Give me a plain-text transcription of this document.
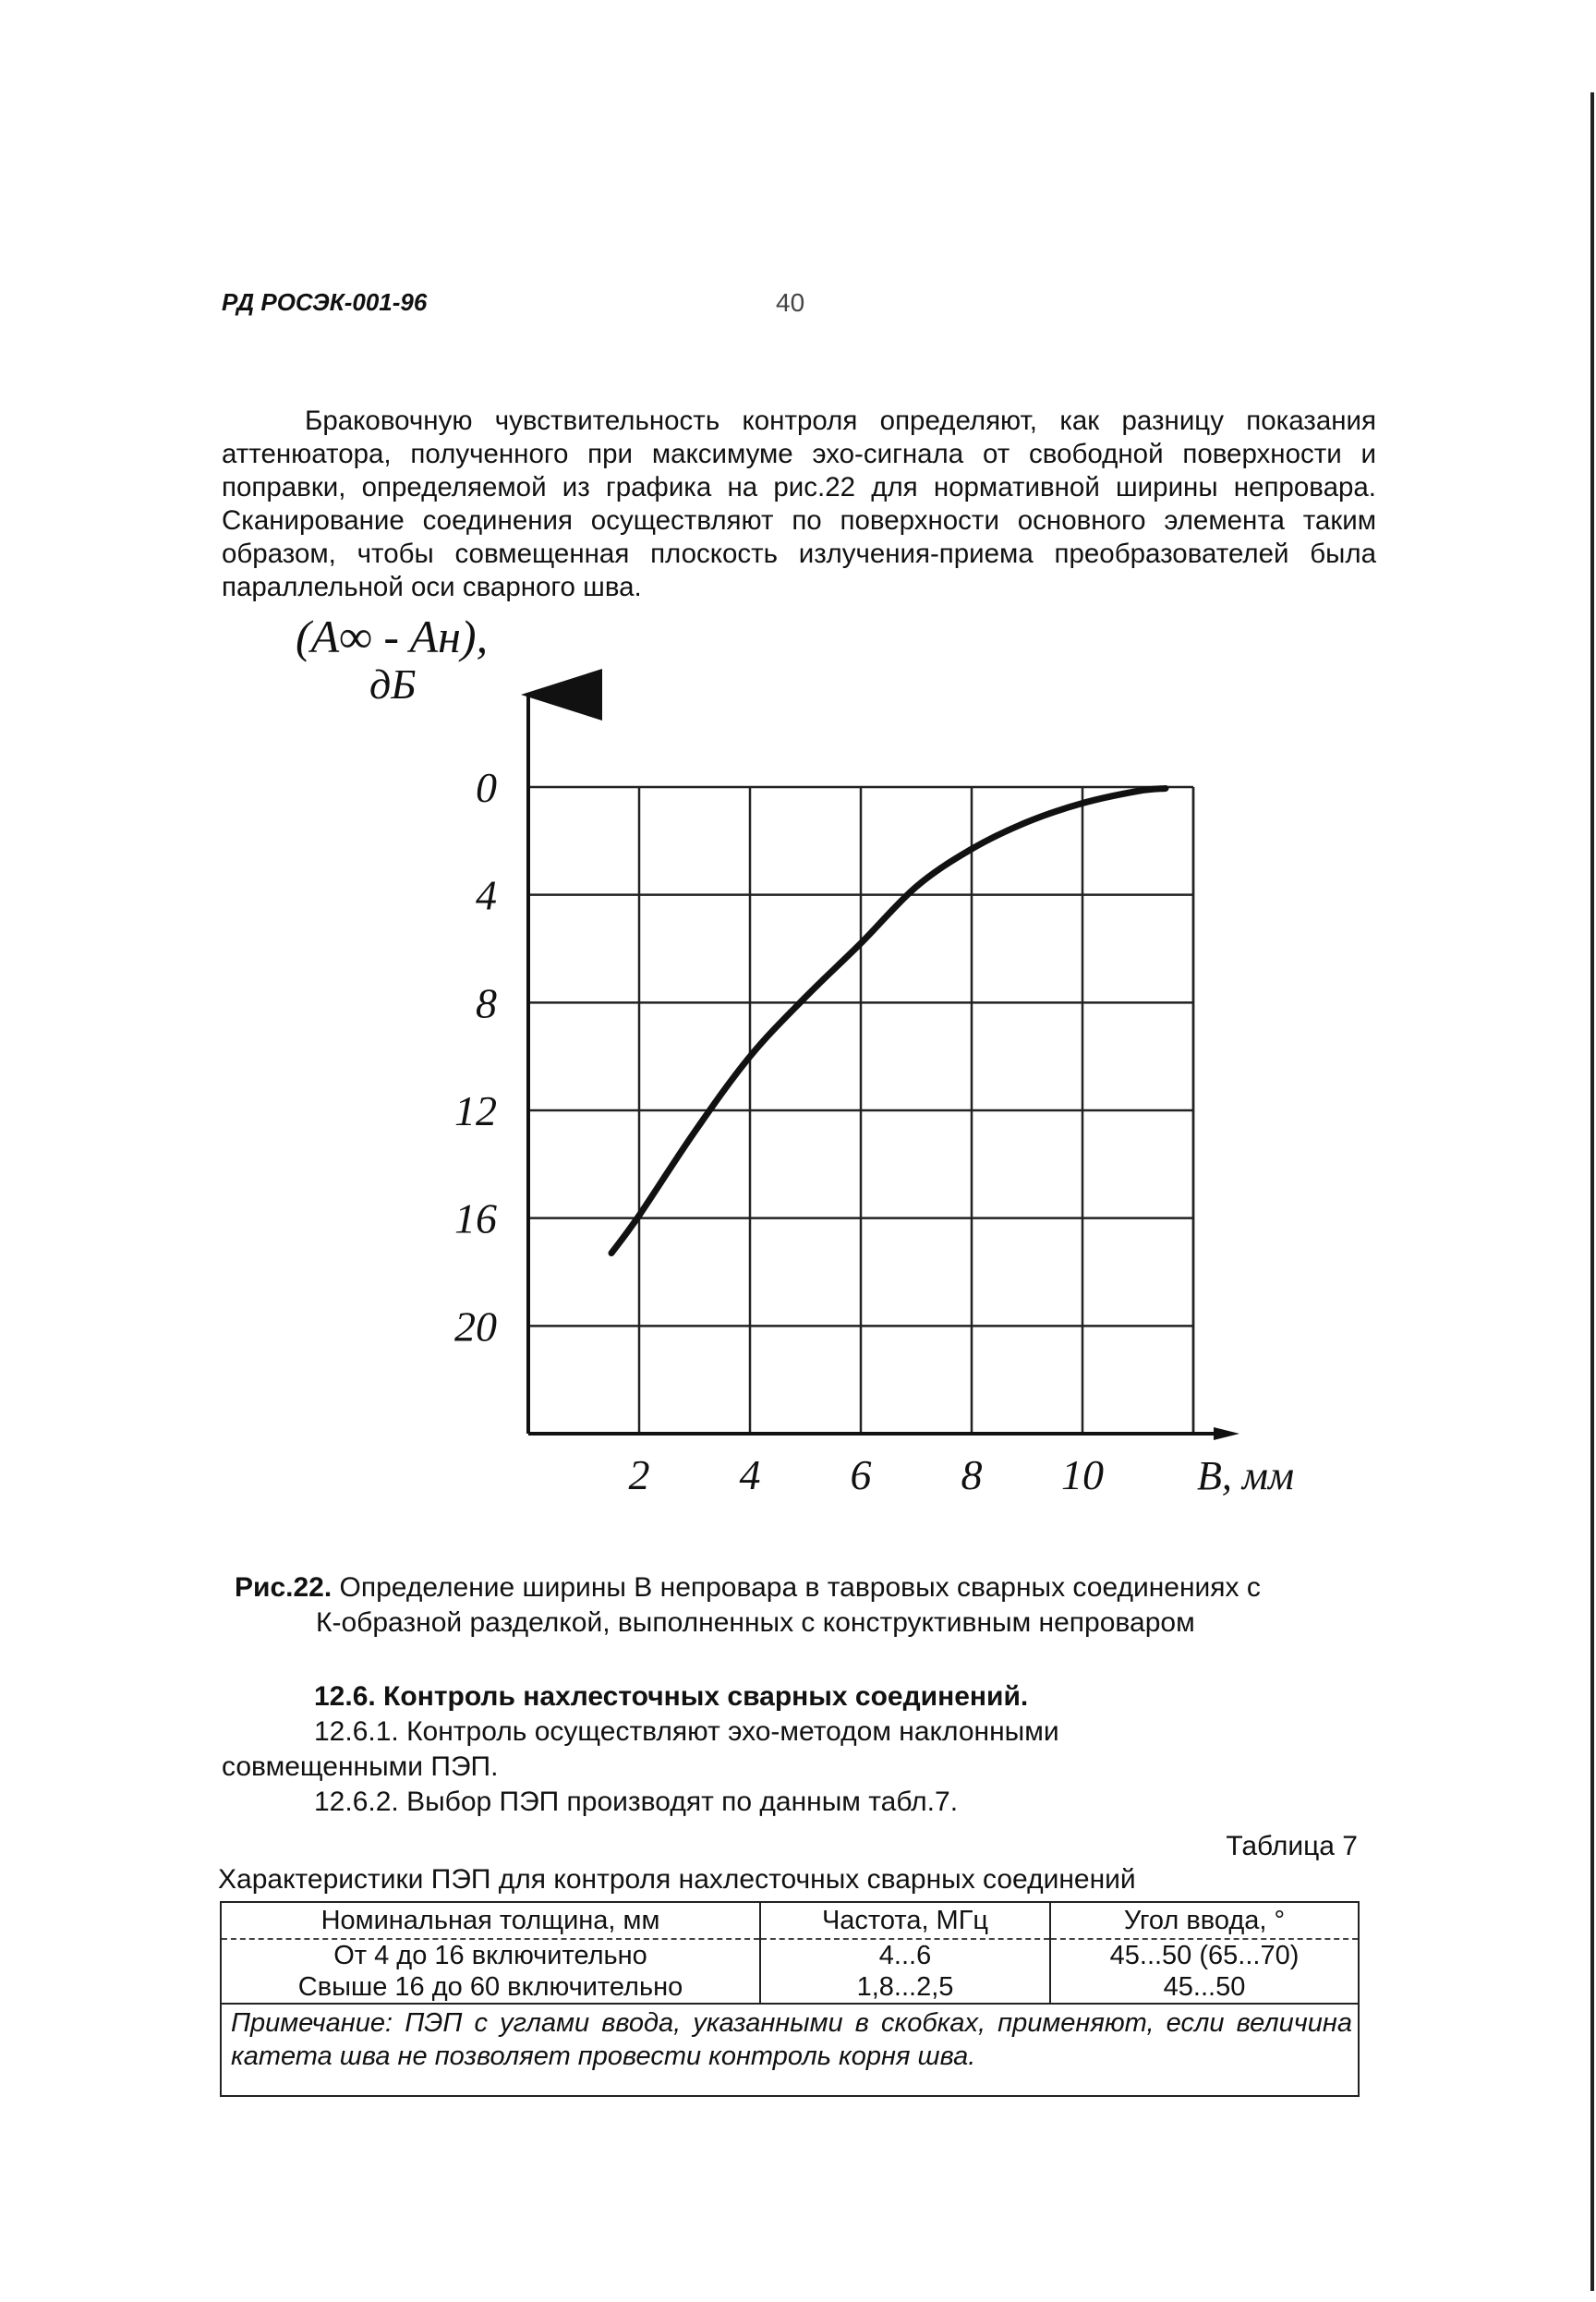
РД РОСЭК-001-96	40

Браковочную чувствительность контроля определяют, как разницу показания аттенюатора, полученного при максимуме эхо-сигнала от свободной поверхности и поправки, определяемой из графика на рис.22 для нормативной ширины непровара. Сканирование соединения осуществляют по поверхности основного элемента таким образом, чтобы совмещенная плоскость излучения-приема преобразователей была параллельной оси сварного шва.

(A∞ - Aн),
дБ
B, мм
0
4
8
12
16
20
2 4 6 8 10
Рис.22. Определение ширины В непровара в тавровых сварных соединениях с
К-образной разделкой, выполненных с конструктивным непроваром
12.6. Контроль нахлесточных сварных соединений.
12.6.1. Контроль осуществляют эхо-методом наклонными
совмещенными ПЭП.
12.6.2. Выбор ПЭП производят по данным табл.7.
Таблица 7
Характеристики ПЭП для контроля нахлесточных сварных соединений
Номинальная толщина, мм	Частота, МГц	Угол ввода, °
От 4 до 16 включительно	4...6	45...50 (65...70)
Свыше 16 до 60 включительно	1,8...2,5	45...50
Примечание: ПЭП с углами ввода, указанными в скобках, применяют, если величина катета шва не позволяет провести контроль корня шва.		
